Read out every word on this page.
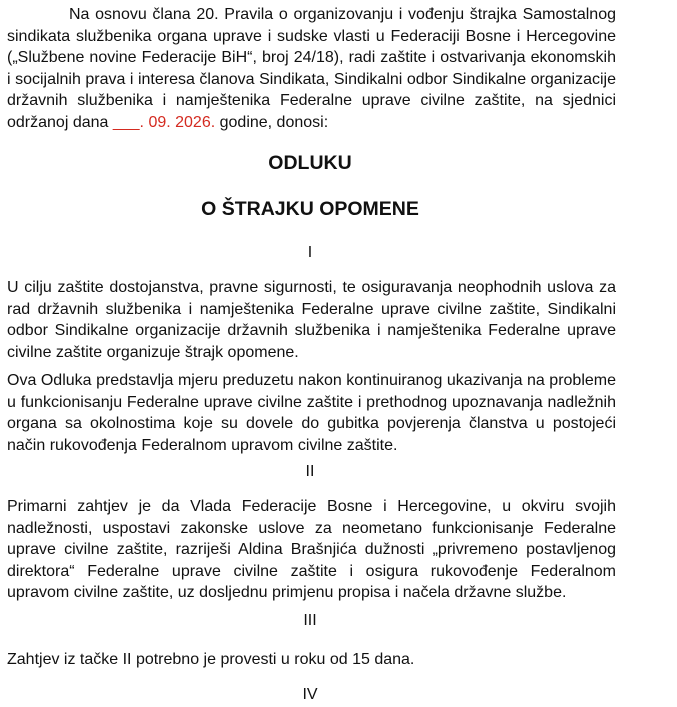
Na osnovu člana 20. Pravila o organizovanju i vođenju štrajka Samostalnog sindikata službenika organa uprave i sudske vlasti u Federaciji Bosne i Hercegovine („Službene novine Federacije BiH“, broj 24/18), radi zaštite i ostvarivanja ekonomskih i socijalnih prava i interesa članova Sindikata, Sindikalni odbor Sindikalne organizacije državnih službenika i namještenika Federalne uprave civilne zaštite, na sjednici održanoj dana ___. 09. 2026. godine, donosi:

ODLUKU
O ŠTRAJKU OPOMENE
I

U cilju zaštite dostojanstva, pravne sigurnosti, te osiguravanja neophodnih uslova za rad državnih službenika i namještenika Federalne uprave civilne zaštite, Sindikalni odbor Sindikalne organizacije državnih službenika i namještenika Federalne uprave civilne zaštite organizuje štrajk opomene.

Ova Odluka predstavlja mjeru preduzetu nakon kontinuiranog ukazivanja na probleme u funkcionisanju Federalne uprave civilne zaštite i prethodnog upoznavanja nadležnih organa sa okolnostima koje su dovele do gubitka povjerenja članstva u postojeći način rukovođenja Federalnom upravom civilne zaštite.

II

Primarni zahtjev je da Vlada Federacije Bosne i Hercegovine, u okviru svojih nadležnosti, uspostavi zakonske uslove za neometano funkcionisanje Federalne uprave civilne zaštite, razriješi Aldina Brašnjića dužnosti „privremeno postavljenog direktora“ Federalne uprave civilne zaštite i osigura rukovođenje Federalnom upravom civilne zaštite, uz dosljednu primjenu propisa i načela državne službe.

III

Zahtjev iz tačke II potrebno je provesti u roku od 15 dana.

IV
